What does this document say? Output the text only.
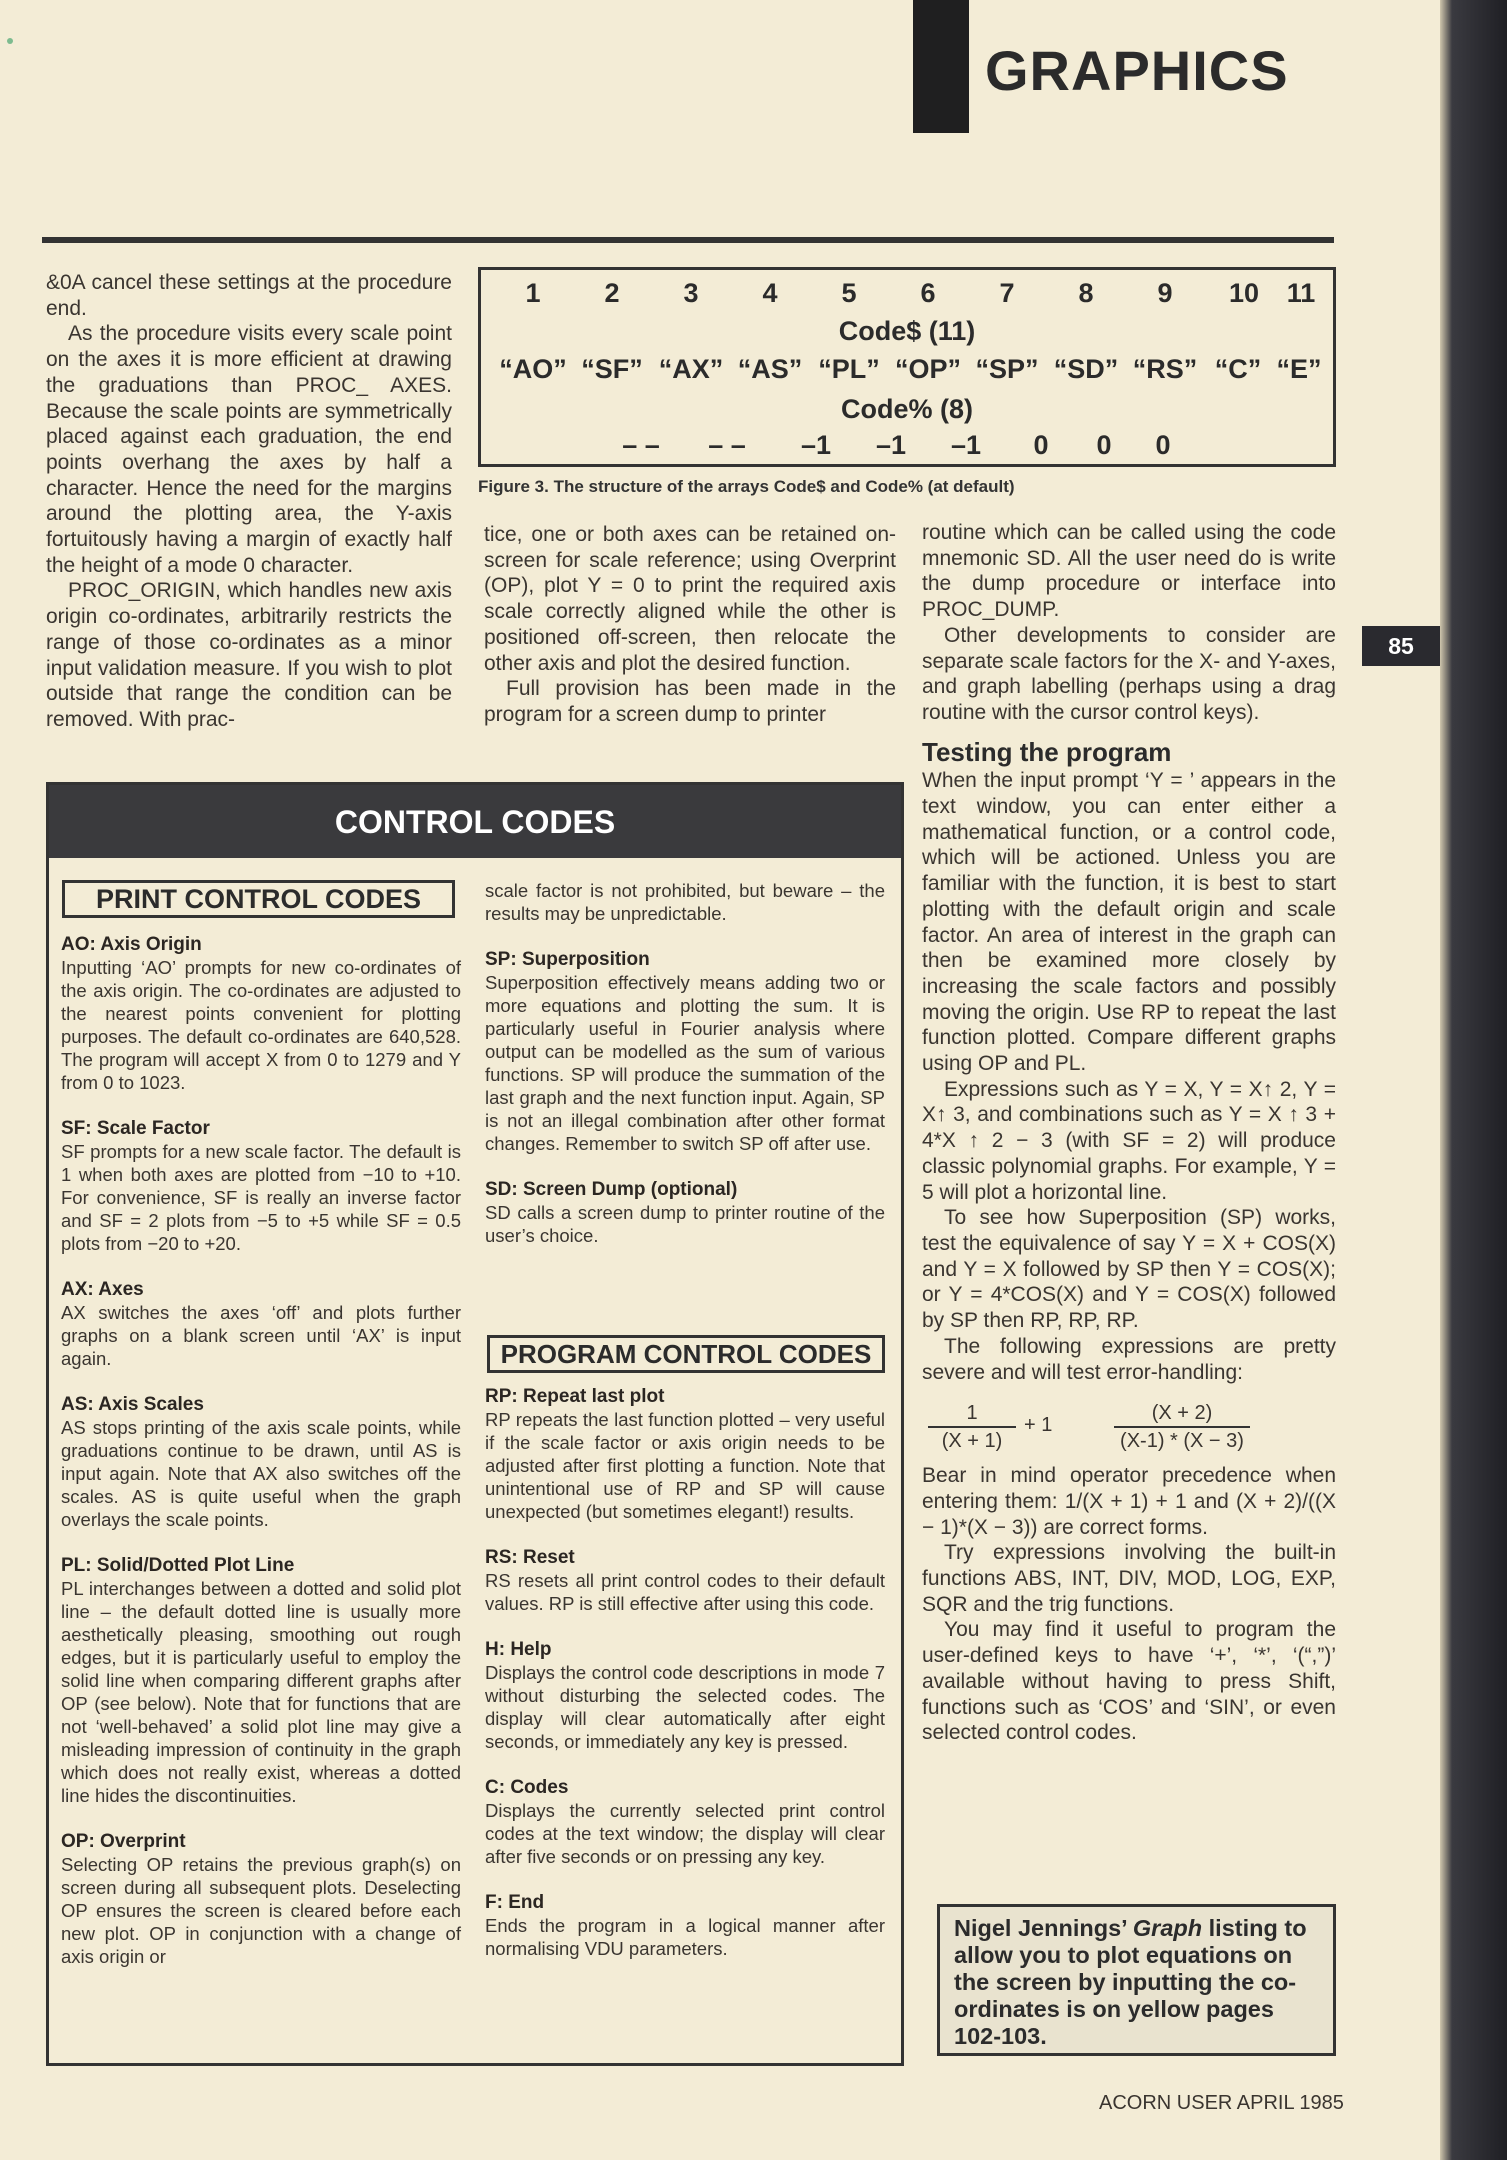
GRAPHICS

&0A cancel these settings at the procedure end.

As the procedure visits every scale point on the axes it is more efficient at drawing the graduations than PROC_ AXES. Because the scale points are symmetrically placed against each graduation, the end points overhang the axes by half a character. Hence the need for the margins around the plotting area, the Y-axis fortuitously having a margin of exactly half the height of a mode 0 character.

PROC_ORIGIN, which handles new axis origin co-ordinates, arbitrarily restricts the range of those co-ordinates as a minor input validation measure. If you wish to plot outside that range the condition can be removed. With prac-

1 2 3 4 5 6 7 8 9 10 11
Code$ (11)
“AO” “SF” “AX” “AS” “PL” “OP” “SP” “SD” “RS” “C” “E”
Code% (8)
– – – – –1 –1 –1 0 0 0
Figure 3. The structure of the arrays Code$ and Code% (at default)

tice, one or both axes can be retained on-screen for scale reference; using Overprint (OP), plot Y = 0 to print the required axis scale correctly aligned while the other is positioned off-screen, then relocate the other axis and plot the desired function.

Full provision has been made in the program for a screen dump to printer

routine which can be called using the code mnemonic SD. All the user need do is write the dump procedure or interface into PROC_DUMP.

Other developments to consider are separate scale factors for the X- and Y-axes, and graph labelling (perhaps using a drag routine with the cursor control keys).

Testing the program

When the input prompt ‘Y = ’ appears in the text window, you can enter either a mathematical function, or a control code, which will be actioned. Unless you are familiar with the function, it is best to start plotting with the default origin and scale factor. An area of interest in the graph can then be examined more closely by increasing the scale factors and possibly moving the origin. Use RP to repeat the last function plotted. Compare different graphs using OP and PL.

Expressions such as Y = X, Y = X↑ 2, Y = X↑ 3, and combinations such as Y = X ↑ 3 + 4*X ↑ 2 − 3 (with SF = 2) will produce classic polynomial graphs. For example, Y = 5 will plot a horizontal line.

To see how Superposition (SP) works, test the equivalence of say Y = X + COS(X) and Y = X followed by SP then Y = COS(X); or Y = 4*COS(X) and Y = COS(X) followed by SP then RP, RP, RP.

The following expressions are pretty severe and will test error-handling:

1
(X + 1)
+ 1
(X + 2)
(X-1) * (X − 3)

Bear in mind operator precedence when entering them: 1/(X + 1) + 1 and (X + 2)/((X − 1)*(X − 3)) are correct forms.

Try expressions involving the built-in functions ABS, INT, DIV, MOD, LOG, EXP, SQR and the trig functions.

You may find it useful to program the user-defined keys to have ‘+’, ‘*’, ‘(“,”)’ available without having to press Shift, functions such as ‘COS’ and ‘SIN’, or even selected control codes.

85
CONTROL CODES
PRINT CONTROL CODES
AO: Axis Origin

Inputting ‘AO’ prompts for new co-ordinates of the axis origin. The co-ordinates are adjusted to the nearest points convenient for plotting purposes. The default co-ordinates are 640,528. The program will accept X from 0 to 1279 and Y from 0 to 1023.

SF: Scale Factor

SF prompts for a new scale factor. The default is 1 when both axes are plotted from −10 to +10. For convenience, SF is really an inverse factor and SF = 2 plots from −5 to +5 while SF = 0.5 plots from −20 to +20.

AX: Axes

AX switches the axes ‘off’ and plots further graphs on a blank screen until ‘AX’ is input again.

AS: Axis Scales

AS stops printing of the axis scale points, while graduations continue to be drawn, until AS is input again. Note that AX also switches off the scales. AS is quite useful when the graph overlays the scale points.

PL: Solid/Dotted Plot Line

PL interchanges between a dotted and solid plot line – the default dotted line is usually more aesthetically pleasing, smoothing out rough edges, but it is particularly useful to employ the solid line when comparing different graphs after OP (see below). Note that for functions that are not ‘well-behaved’ a solid plot line may give a misleading impression of continuity in the graph which does not really exist, whereas a dotted line hides the discontinuities.

OP: Overprint

Selecting OP retains the previous graph(s) on screen during all subsequent plots. Deselecting OP ensures the screen is cleared before each new plot. OP in conjunction with a change of axis origin or

scale factor is not prohibited, but beware – the results may be unpredictable.

SP: Superposition

Superposition effectively means adding two or more equations and plotting the sum. It is particularly useful in Fourier analysis where output can be modelled as the sum of various functions. SP will produce the summation of the last graph and the next function input. Again, SP is not an illegal combination after other format changes. Remember to switch SP off after use.

SD: Screen Dump (optional)

SD calls a screen dump to printer routine of the user’s choice.

PROGRAM CONTROL CODES
RP: Repeat last plot

RP repeats the last function plotted – very useful if the scale factor or axis origin needs to be adjusted after first plotting a function. Note that unintentional use of RP and SP will cause unexpected (but sometimes elegant!) results.

RS: Reset

RS resets all print control codes to their default values. RP is still effective after using this code.

H: Help

Displays the control code descriptions in mode 7 without disturbing the selected codes. The display will clear automatically after eight seconds, or immediately any key is pressed.

C: Codes

Displays the currently selected print control codes at the text window; the display will clear after five seconds or on pressing any key.

F: End

Ends the program in a logical manner after normalising VDU parameters.

Nigel Jennings’ Graph listing to allow you to plot equations on the screen by inputting the co-ordinates is on yellow pages 102-103.
ACORN USER APRIL 1985
